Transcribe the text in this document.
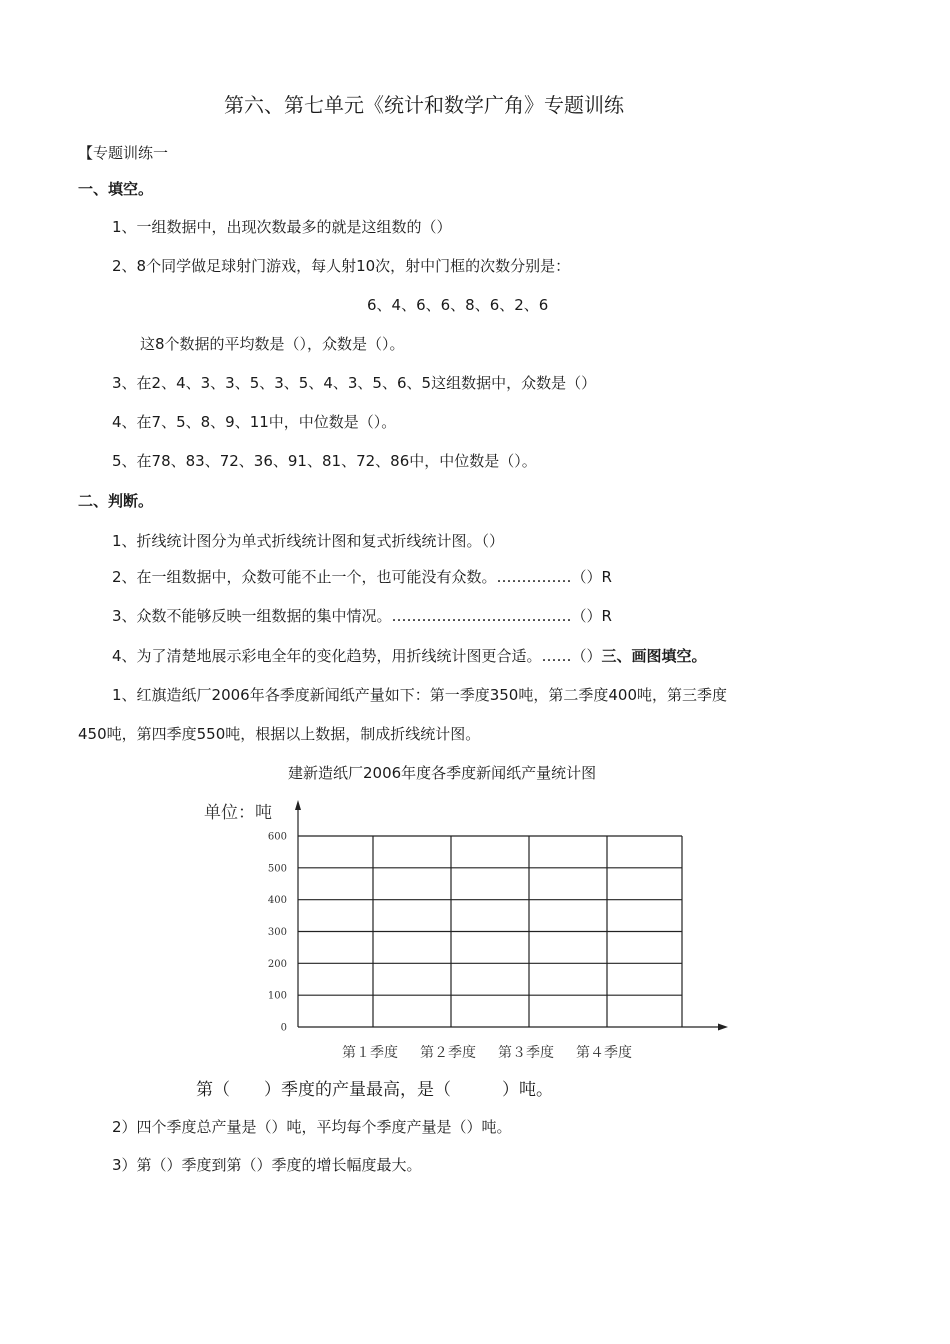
第六、第七单元《统计和数学广角》专题训练
【专题训练一
一、填空。
1、一组数据中，出现次数最多的就是这组数的（）
2、8个同学做足球射门游戏，每人射10次，射中门框的次数分别是：
6、4、6、6、8、6、2、6
这8个数据的平均数是（），众数是（）。
3、在2、4、3、3、5、3、5、4、3、5、6、5这组数据中，众数是（）
4、在7、5、8、9、11中，中位数是（）。
5、在78、83、72、36、91、81、72、86中，中位数是（）。
二、判断。
1、折线统计图分为单式折线统计图和复式折线统计图。（）
2、在一组数据中，众数可能不止一个，也可能没有众数。……………（）R
3、众数不能够反映一组数据的集中情况。………………………………（）R
4、为了清楚地展示彩电全年的变化趋势，用折线统计图更合适。……（）三、画图填空。
1、红旗造纸厂2006年各季度新闻纸产量如下：第一季度350吨，第二季度400吨，第三季度
450吨，第四季度550吨，根据以上数据，制成折线统计图。
建新造纸厂2006年度各季度新闻纸产量统计图
0
100
200
300
400
500
600
单位：吨
第１季度 第２季度 第３季度 第４季度
第（　　）季度的产量最高，是（　　　）吨。
2）四个季度总产量是（）吨，平均每个季度产量是（）吨。
3）第（）季度到第（）季度的增长幅度最大。
